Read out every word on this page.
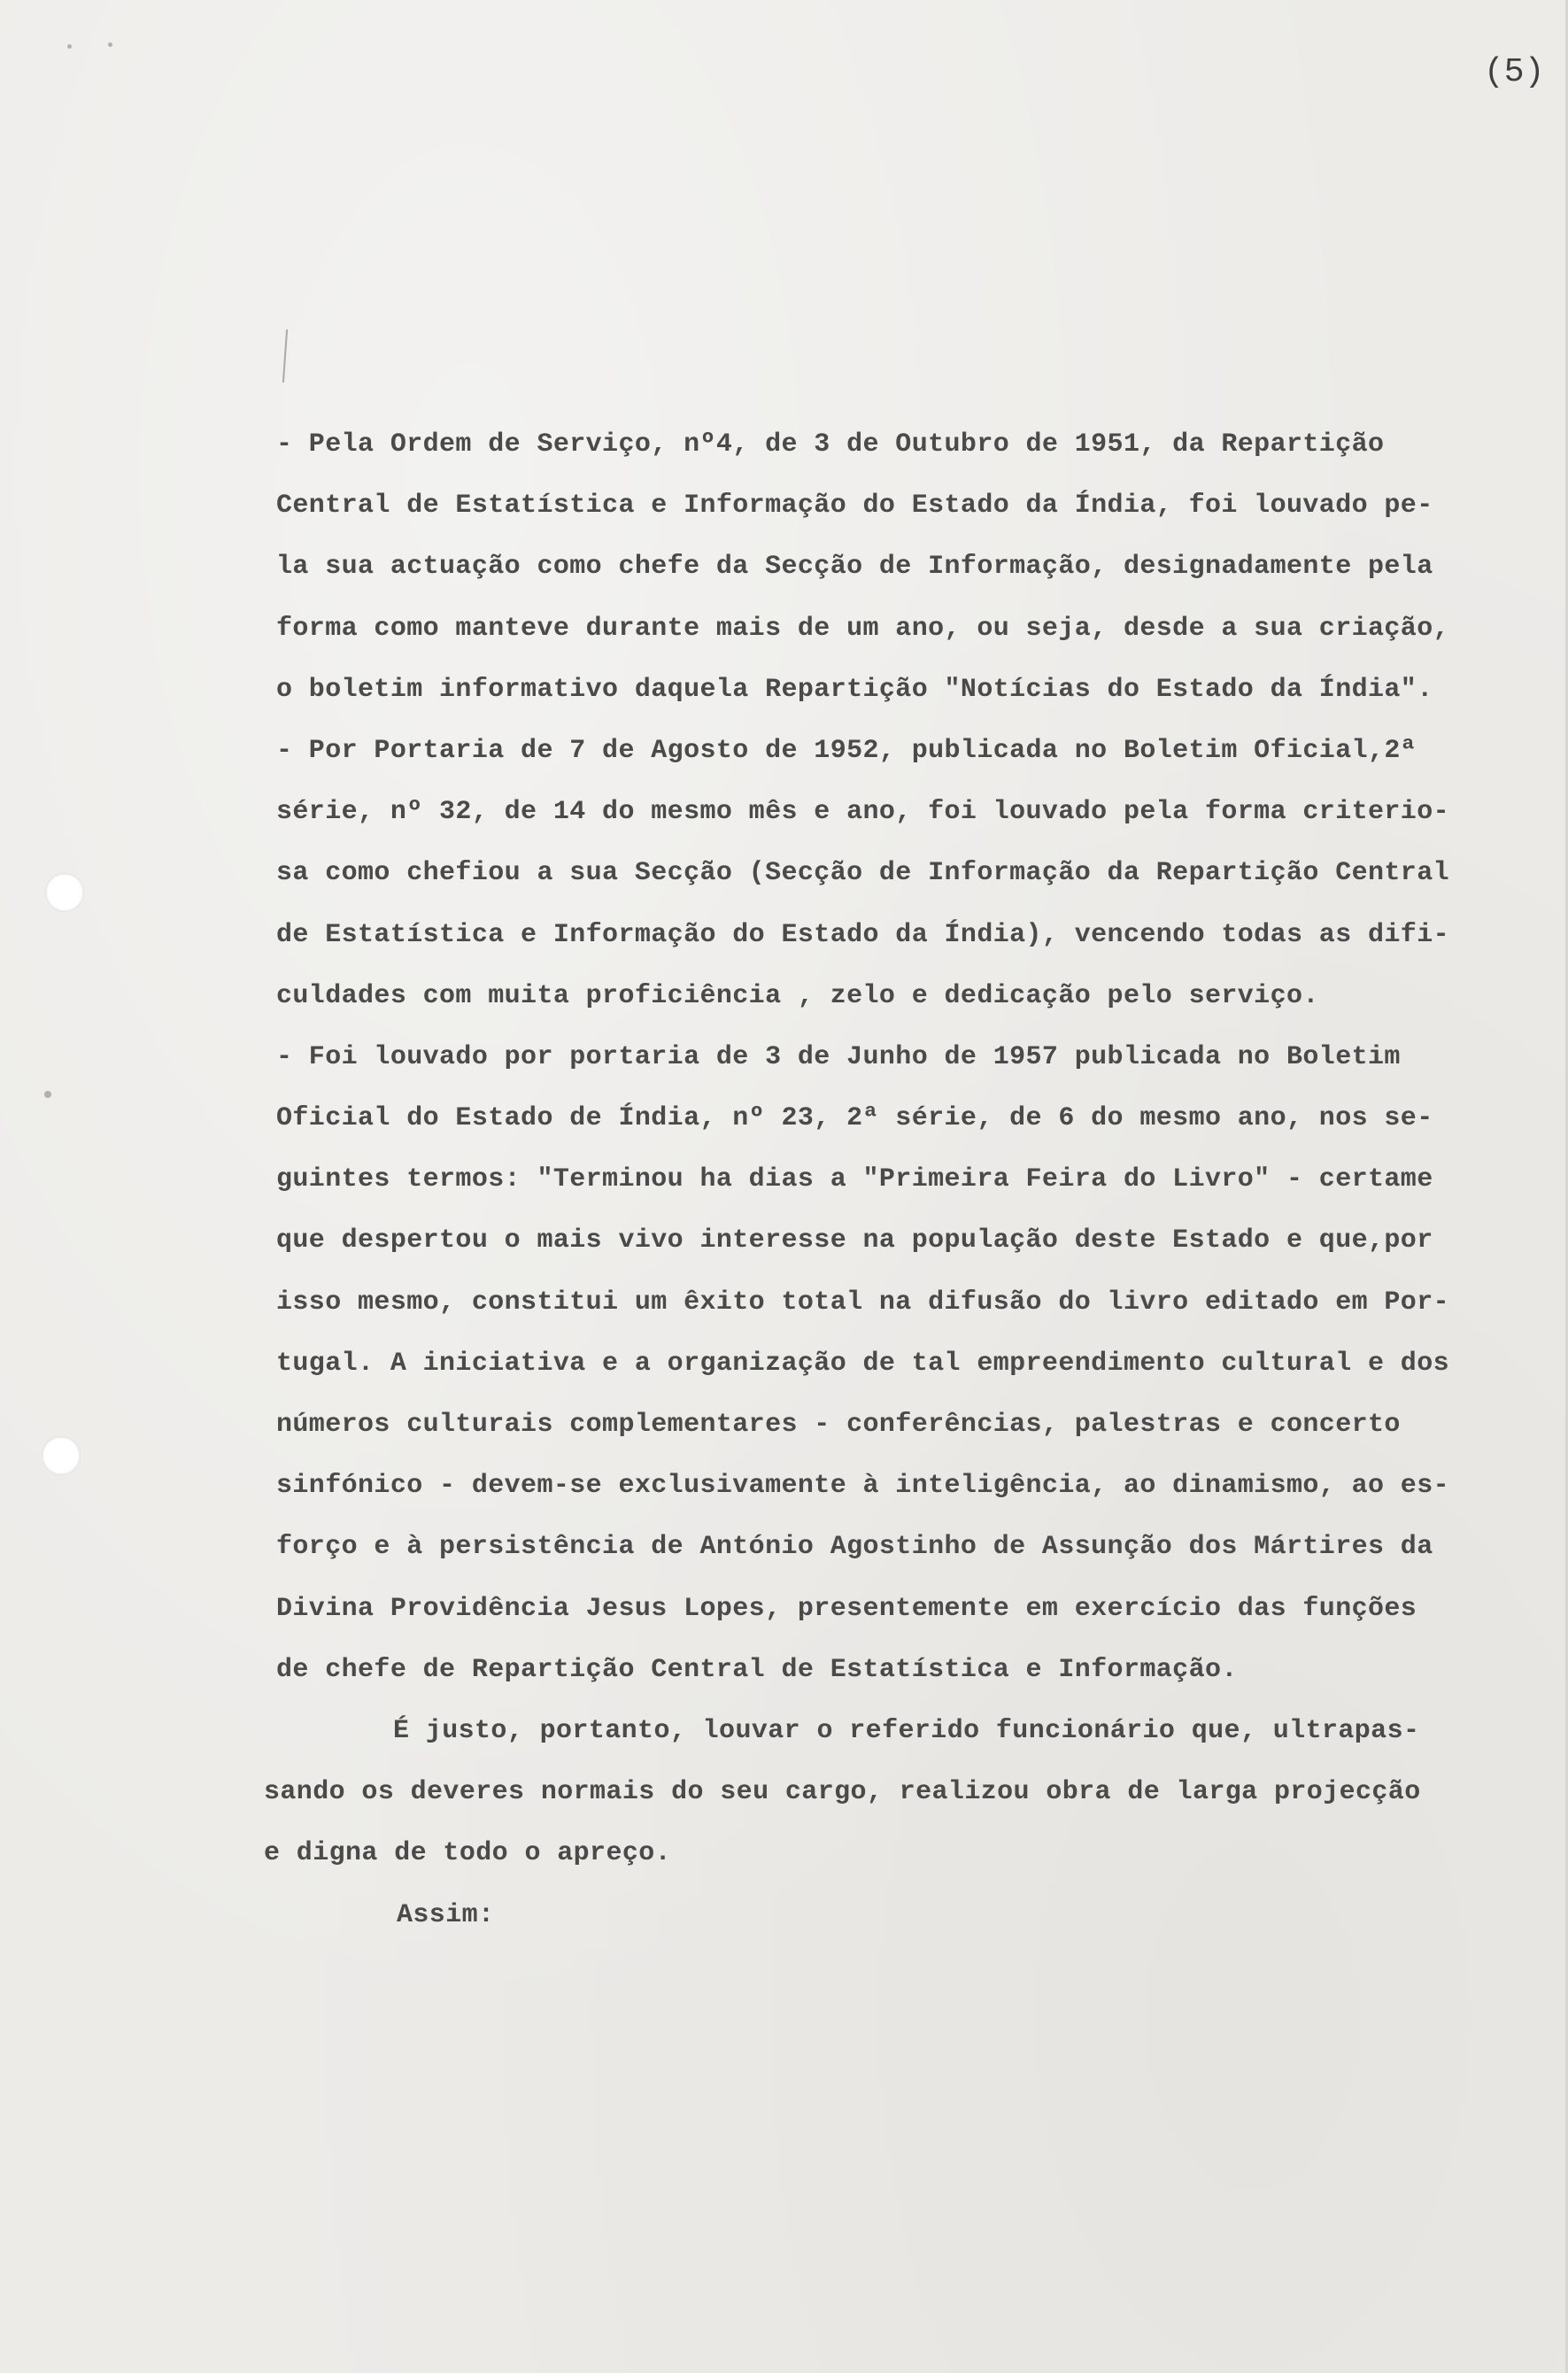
(5)
- Pela Ordem de Serviço, nº4, de 3 de Outubro de 1951, da Repartição
Central de Estatística e Informação do Estado da Índia, foi louvado pe-
la sua actuação como chefe da Secção de Informação, designadamente pela
forma como manteve durante mais de um ano, ou seja, desde a sua criação,
o boletim informativo daquela Repartição "Notícias do Estado da Índia".
- Por Portaria de 7 de Agosto de 1952, publicada no Boletim Oficial,2ª
série, nº 32, de 14 do mesmo mês e ano, foi louvado pela forma criterio-
sa como chefiou a sua Secção (Secção de Informação da Repartição Central
de Estatística e Informação do Estado da Índia), vencendo todas as difi-
culdades com muita proficiência , zelo e dedicação pelo serviço.
- Foi louvado por portaria de 3 de Junho de 1957 publicada no Boletim
Oficial do Estado de Índia, nº 23, 2ª série, de 6 do mesmo ano, nos se-
guintes termos: "Terminou ha dias a "Primeira Feira do Livro" - certame
que despertou o mais vivo interesse na população deste Estado e que,por
isso mesmo, constitui um êxito total na difusão do livro editado em Por-
tugal. A iniciativa e a organização de tal empreendimento cultural e dos
números culturais complementares - conferências, palestras e concerto
sinfónico - devem-se exclusivamente à inteligência, ao dinamismo, ao es-
forço e à persistência de António Agostinho de Assunção dos Mártires da
Divina Providência Jesus Lopes, presentemente em exercício das funções
de chefe de Repartição Central de Estatística e Informação.
É justo, portanto, louvar o referido funcionário que, ultrapas-
sando os deveres normais do seu cargo, realizou obra de larga projecção
e digna de todo o apreço.
Assim:
